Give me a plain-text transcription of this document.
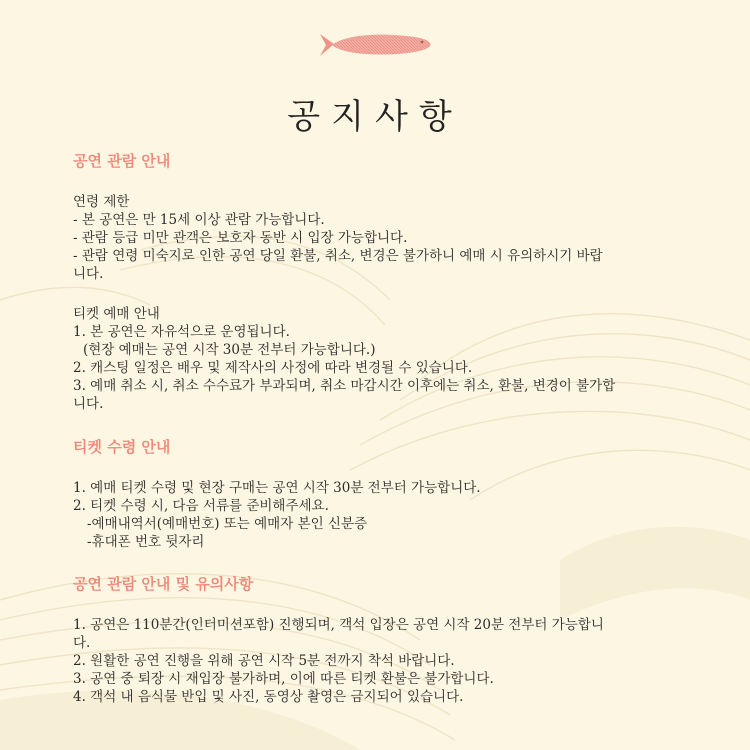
공지사항
공연 관람 안내
연령 제한
- 본 공연은 만 15세 이상 관람 가능합니다.
- 관람 등급 미만 관객은 보호자 동반 시 입장 가능합니다.
- 관람 연령 미숙지로 인한 공연 당일 환불, 취소, 변경은 불가하니 예매 시 유의하시기 바랍
니다.
티켓 예매 안내
1. 본 공연은 자유석으로 운영됩니다.
(현장 예매는 공연 시작 30분 전부터 가능합니다.)
2. 캐스팅 일정은 배우 및 제작사의 사정에 따라 변경될 수 있습니다.
3. 예매 취소 시, 취소 수수료가 부과되며, 취소 마감시간 이후에는 취소, 환불, 변경이 불가합
니다.
티켓 수령 안내
1. 예매 티켓 수령 및 현장 구매는 공연 시작 30분 전부터 가능합니다.
2. 티켓 수령 시, 다음 서류를 준비해주세요.
-예매내역서(예매번호) 또는 예매자 본인 신분증
-휴대폰 번호 뒷자리
공연 관람 안내 및 유의사항
1. 공연은 110분간(인터미션포함) 진행되며, 객석 입장은 공연 시작 20분 전부터 가능합니
다.
2. 원활한 공연 진행을 위해 공연 시작 5분 전까지 착석 바랍니다.
3. 공연 중 퇴장 시 재입장 불가하며, 이에 따른 티켓 환불은 불가합니다.
4. 객석 내 음식물 반입 및 사진, 동영상 촬영은 금지되어 있습니다.
